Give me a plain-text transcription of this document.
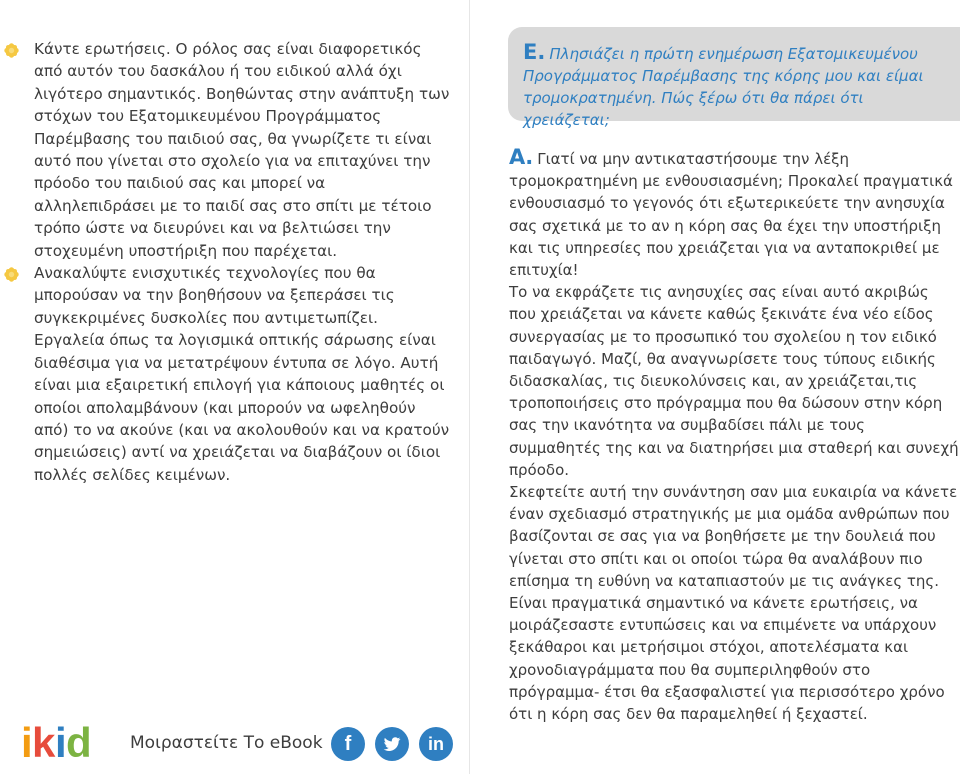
Κάντε ερωτήσεις. Ο ρόλος σας είναι διαφορετικός από αυτόν του δασκάλου ή του ειδικού αλλά όχι λιγότερο σημαντικός. Βοηθώντας στην ανάπτυξη των στόχων του Εξατομικευμένου Προγράμματος Παρέμβασης του παιδιού σας, θα γνωρίζετε τι είναι αυτό που γίνεται στο σχολείο για να επιταχύνει την πρόοδο του παιδιού σας και μπορεί να αλληλεπιδράσει με το παιδί σας στο σπίτι με τέτοιο τρόπο ώστε να διευρύνει και να βελτιώσει την στοχευμένη υποστήριξη που παρέχεται.
Ανακαλύψτε ενισχυτικές τεχνολογίες που θα μπορούσαν να την βοηθήσουν να ξεπεράσει τις συγκεκριμένες δυσκολίες που αντιμετωπίζει. Εργαλεία όπως τα λογισμικά οπτικής σάρωσης είναι διαθέσιμα για να μετατρέψουν έντυπα σε λόγο. Αυτή είναι μια εξαιρετική επιλογή για κάποιους μαθητές οι οποίοι απολαμβάνουν (και μπορούν να ωφεληθούν από) το να ακούνε (και να ακολουθούν και να κρατούν σημειώσεις) αντί να χρειάζεται να διαβάζουν οι ίδιοι πολλές σελίδες κειμένων.
Ε. Πλησιάζει η πρώτη ενημέρωση Εξατομικευμένου Προγράμματος Παρέμβασης της κόρης μου και είμαι τρομοκρατημένη. Πώς ξέρω ότι θα πάρει ότι χρειάζεται;

Α. Γιατί να μην αντικαταστήσουμε την λέξη τρομοκρατημένη με ενθουσιασμένη; Προκαλεί πραγματικά ενθουσιασμό το γεγονός ότι εξωτερικεύετε την ανησυχία σας σχετικά με το αν η κόρη σας θα έχει την υποστήριξη και τις υπηρεσίες που χρειάζεται για να ανταποκριθεί με επιτυχία!

Το να εκφράζετε τις ανησυχίες σας είναι αυτό ακριβώς που χρειάζεται να κάνετε καθώς ξεκινάτε ένα νέο είδος συνεργασίας με το προσωπικό του σχολείου η τον ειδικό παιδαγωγό. Μαζί, θα αναγνωρίσετε τους τύπους ειδικής διδασκαλίας, τις διευκολύνσεις και, αν χρειάζεται,τις τροποποιήσεις στο πρόγραμμα που θα δώσουν στην κόρη σας την ικανότητα να συμβαδίσει πάλι με τους συμμαθητές της και να διατηρήσει μια σταθερή και συνεχή πρόοδο.

Σκεφτείτε αυτή την συνάντηση σαν μια ευκαιρία να κάνετε έναν σχεδιασμό στρατηγικής με μια ομάδα ανθρώπων που βασίζονται σε σας για να βοηθήσετε με την δουλειά που γίνεται στο σπίτι και οι οποίοι τώρα θα αναλάβουν πιο επίσημα τη ευθύνη να καταπιαστούν με τις ανάγκες της. Είναι πραγματικά σημαντικό να κάνετε ερωτήσεις, να μοιράζεσαστε εντυπώσεις και να επιμένετε να υπάρχουν ξεκάθαροι και μετρήσιμοι στόχοι, αποτελέσματα και χρονοδιαγράμματα που θα συμπεριληφθούν στο πρόγραμμα- έτσι θα εξασφαλιστεί για περισσότερο χρόνο ότι η κόρη σας δεν θα παραμεληθεί ή ξεχαστεί.

i k i d Μοιραστείτε Το eBook	f	in
